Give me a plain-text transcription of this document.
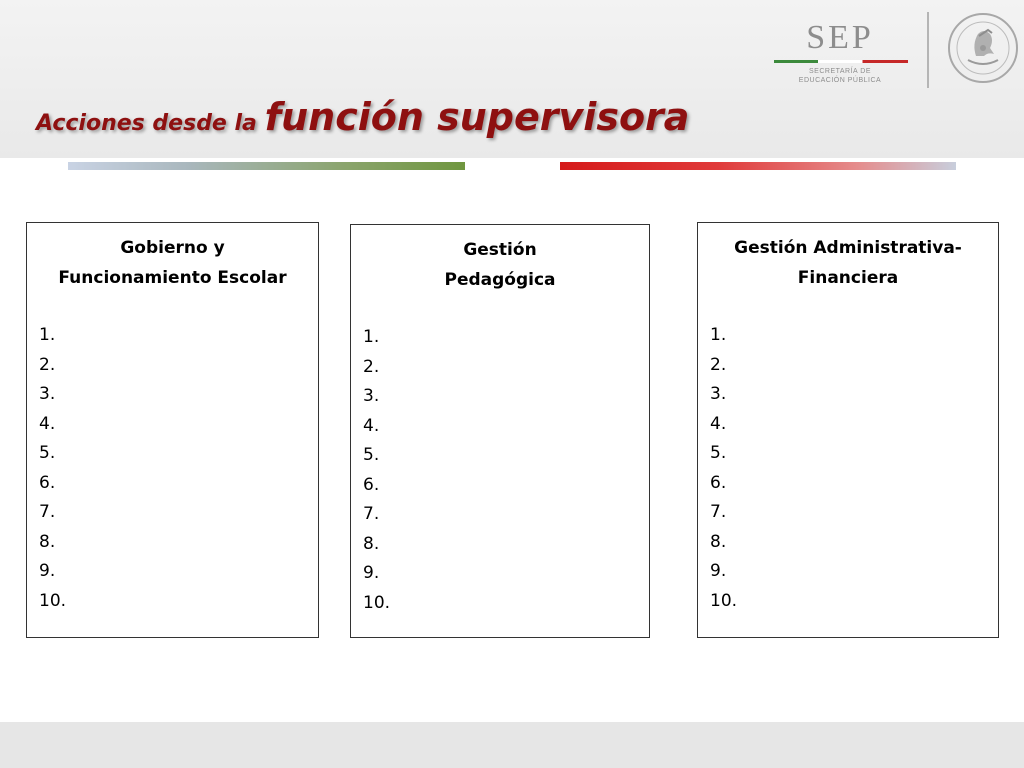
Acciones desde la función supervisora
SEP
SECRETARÍA DE
EDUCACIÓN PÚBLICA
Gobierno y
Funcionamiento Escolar
1.
2.
3.
4.
5.
6.
7.
8.
9.
10.
Gestión
Pedagógica
1.
2.
3.
4.
5.
6.
7.
8.
9.
10.
Gestión Administrativa-
Financiera
1.
2.
3.
4.
5.
6.
7.
8.
9.
10.
